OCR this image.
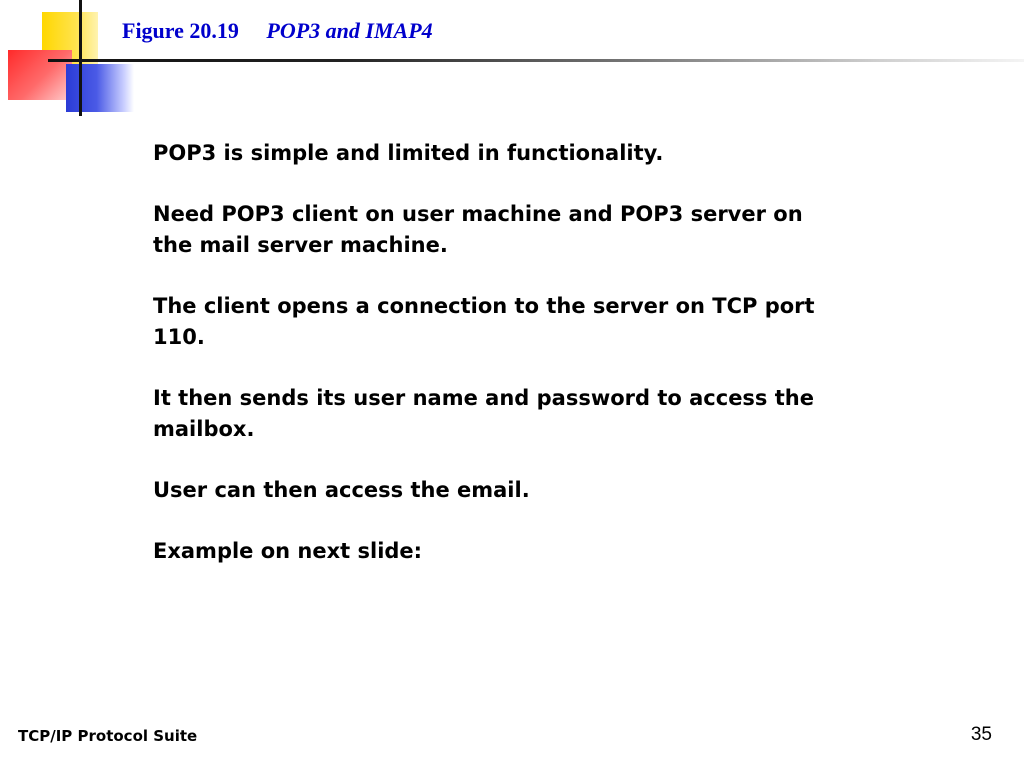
Figure 20.19 POP3 and IMAP4

POP3 is simple and limited in functionality.

Need POP3 client on user machine and POP3 server on the mail server machine.

The client opens a connection to the server on TCP port 110.

It then sends its user name and password to access the mailbox.

User can then access the email.

Example on next slide:

TCP/IP Protocol Suite	35
